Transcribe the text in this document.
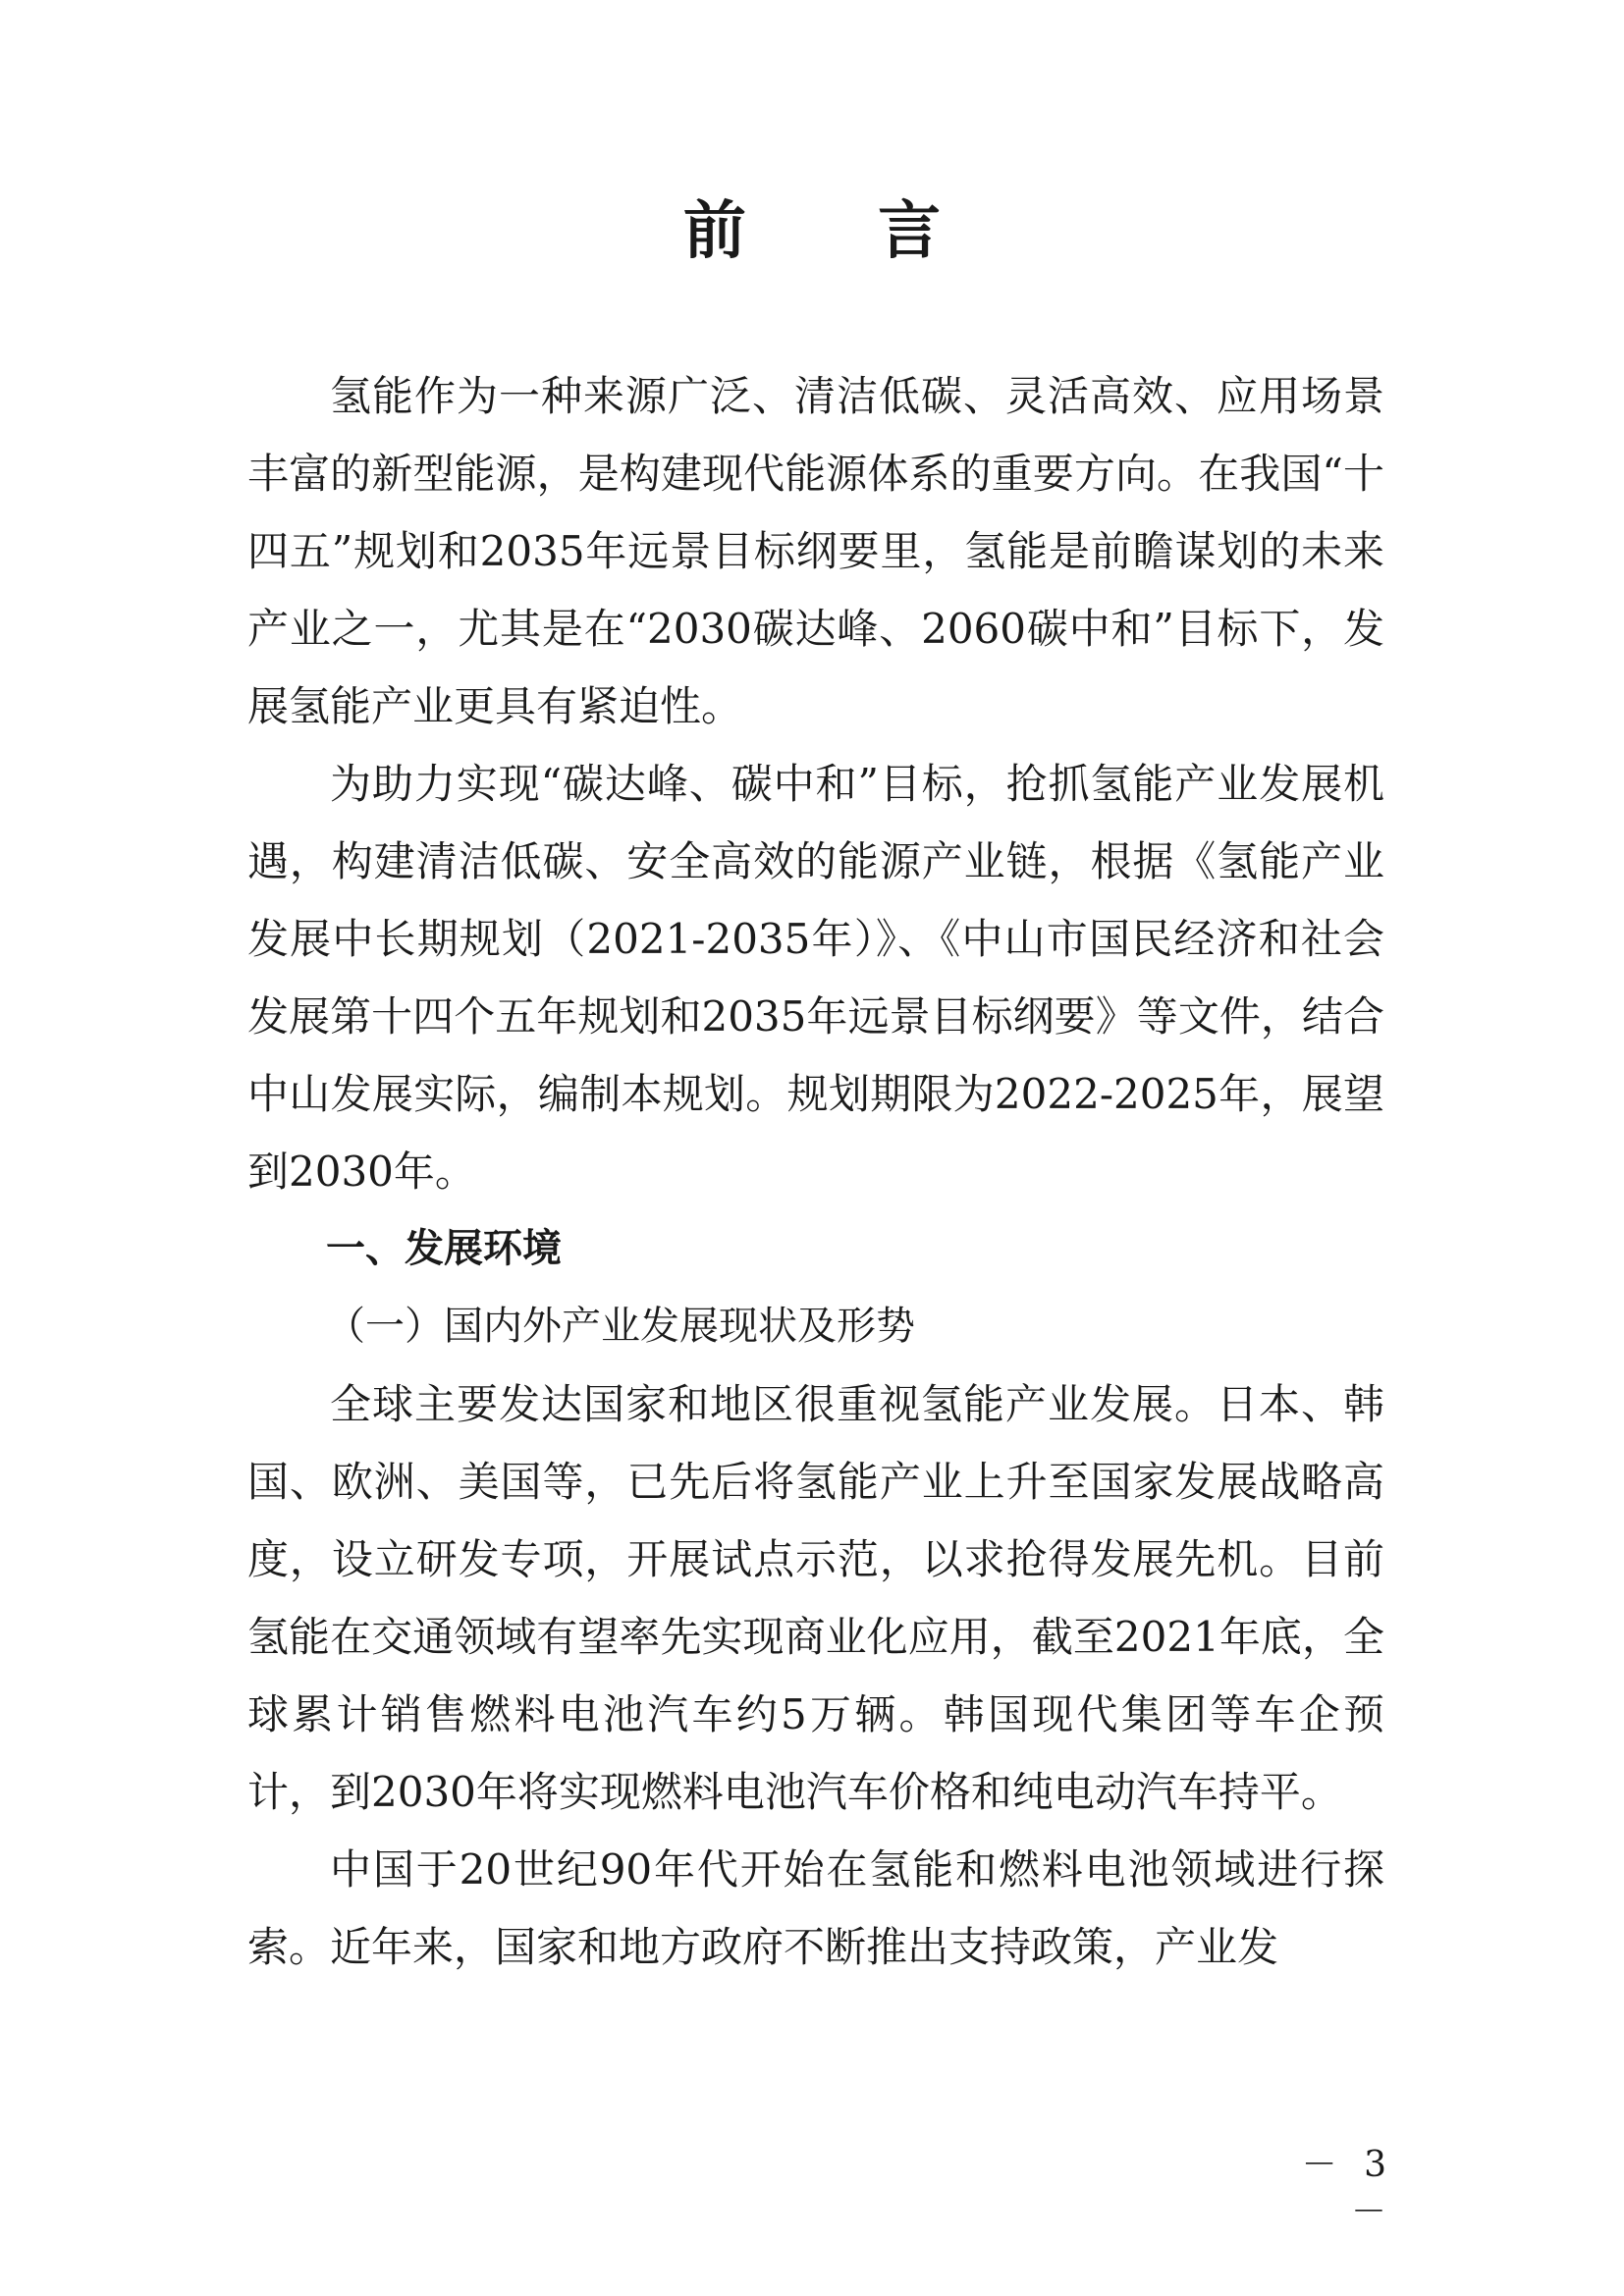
前 言

氢能作为一种来源广泛、清洁低碳、灵活高效、应用场景丰富的新型能源，是构建现代能源体系的重要方向。在我国“十四五”规划和2035年远景目标纲要里，氢能是前瞻谋划的未来产业之一，尤其是在“2030碳达峰、2060碳中和”目标下，发展氢能产业更具有紧迫性。

为助力实现“碳达峰、碳中和”目标，抢抓氢能产业发展机遇，构建清洁低碳、安全高效的能源产业链，根据《氢能产业发展中长期规划（2021-2035年）》、《中山市国民经济和社会发展第十四个五年规划和2035年远景目标纲要》等文件，结合中山发展实际，编制本规划。规划期限为2022-2025年，展望到2030年。

一、发展环境

（一）国内外产业发展现状及形势

全球主要发达国家和地区很重视氢能产业发展。日本、韩国、欧洲、美国等，已先后将氢能产业上升至国家发展战略高度，设立研发专项，开展试点示范，以求抢得发展先机。目前氢能在交通领域有望率先实现商业化应用，截至2021年底，全球累计销售燃料电池汽车约5万辆。韩国现代集团等车企预计，到2030年将实现燃料电池汽车价格和纯电动汽车持平。

中国于20世纪90年代开始在氢能和燃料电池领域进行探索。近年来，国家和地方政府不断推出支持政策，产业发

－ 3 －
